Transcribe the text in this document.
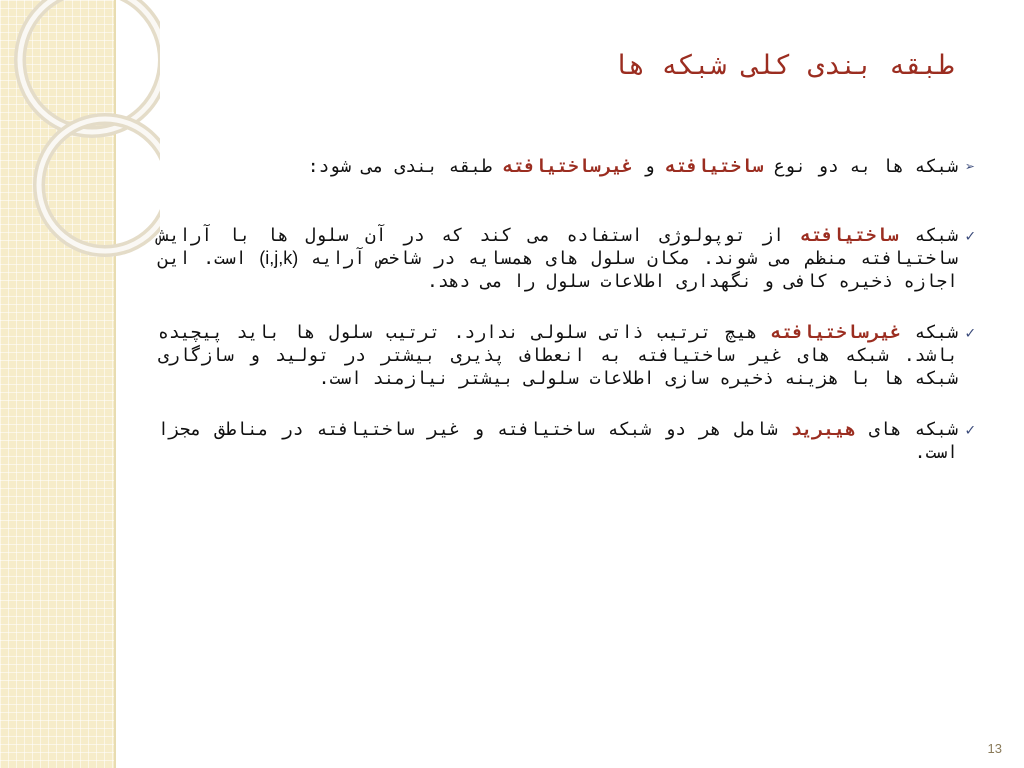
طبقه بندی کلی شبکه ها
➢
شبکه ها به دو نوع ساختیافته و غیرساختیافته طبقه بندی می شود:
✓
شبکه ساختیافته از توپولوژی استفاده می کند که در آن سلول ها با آرایش ساختیافته منظم می شوند. مکان سلول های همسایه در شاخص آرایه (i,j,k) است. این اجازه ذخیره کافی و نگهداری اطلاعات سلول را می دهد.
✓
شبکه غیرساختیافته هیچ ترتیب ذاتی سلولی ندارد. ترتیب سلول ها باید پیچیده باشد. شبکه های غیر ساختیافته به انعطاف پذیری بیشتر در تولید و سازگاری شبکه ها با هزینه ذخیره سازی اطلاعات سلولی بیشتر نیازمند است.
✓
شبکه های هیبرید شامل هر دو شبکه ساختیافته و غیر ساختیافته در مناطق مجزا است.
13
